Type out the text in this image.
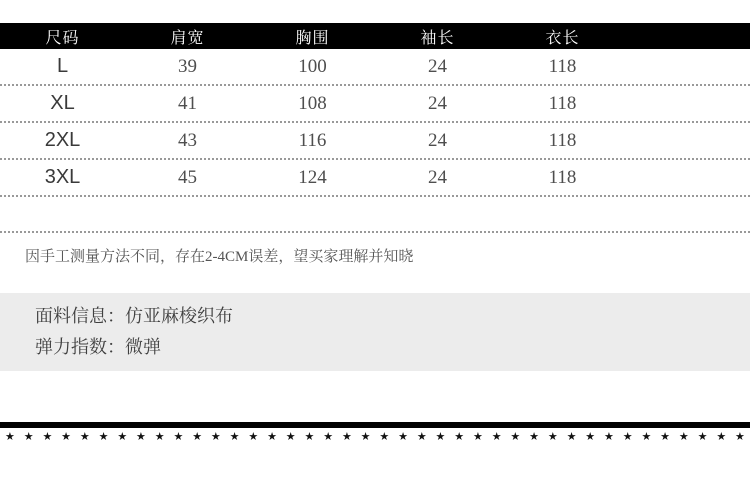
尺码	肩宽	胸围	袖长	衣长
L	39	100	24	118
XL	41	108	24	118
2XL	43	116	24	118
3XL	45	124	24	118
因手工测量方法不同，存在2-4CM误差，望买家理解并知晓
面料信息：仿亚麻梭织布
弹力指数：微弹
★ ★ ★ ★ ★ ★ ★ ★ ★ ★ ★ ★ ★ ★ ★ ★ ★ ★ ★ ★ ★ ★ ★ ★ ★ ★ ★ ★ ★ ★ ★ ★ ★ ★ ★ ★ ★ ★ ★ ★
